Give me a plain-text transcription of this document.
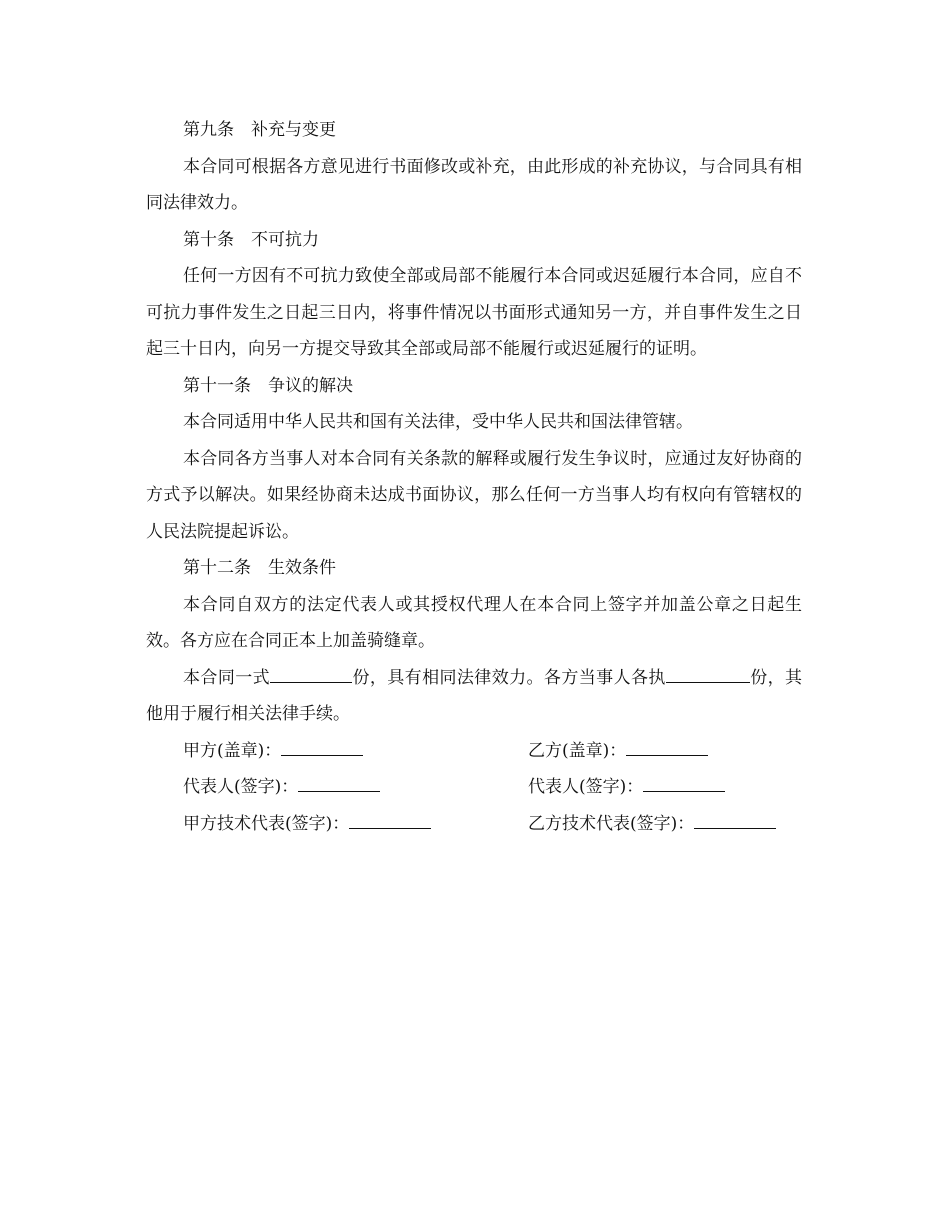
第九条　补充与变更
本合同可根据各方意见进行书面修改或补充，由此形成的补充协议，与合同具有相同法律效力。
第十条　不可抗力
任何一方因有不可抗力致使全部或局部不能履行本合同或迟延履行本合同，应自不可抗力事件发生之日起三日内，将事件情况以书面形式通知另一方，并自事件发生之日起三十日内，向另一方提交导致其全部或局部不能履行或迟延履行的证明。
第十一条　争议的解决
本合同适用中华人民共和国有关法律，受中华人民共和国法律管辖。
本合同各方当事人对本合同有关条款的解释或履行发生争议时，应通过友好协商的方式予以解决。如果经协商未达成书面协议，那么任何一方当事人均有权向有管辖权的人民法院提起诉讼。
第十二条　生效条件
本合同自双方的法定代表人或其授权代理人在本合同上签字并加盖公章之日起生效。各方应在合同正本上加盖骑缝章。
本合同一式	份，具有相同法律效力。各方当事人各执	份，其他用于履行相关法律手续。
甲方(盖章)：	乙方(盖章)：
代表人(签字)：	代表人(签字)：
甲方技术代表(签字)：	乙方技术代表(签字)：
